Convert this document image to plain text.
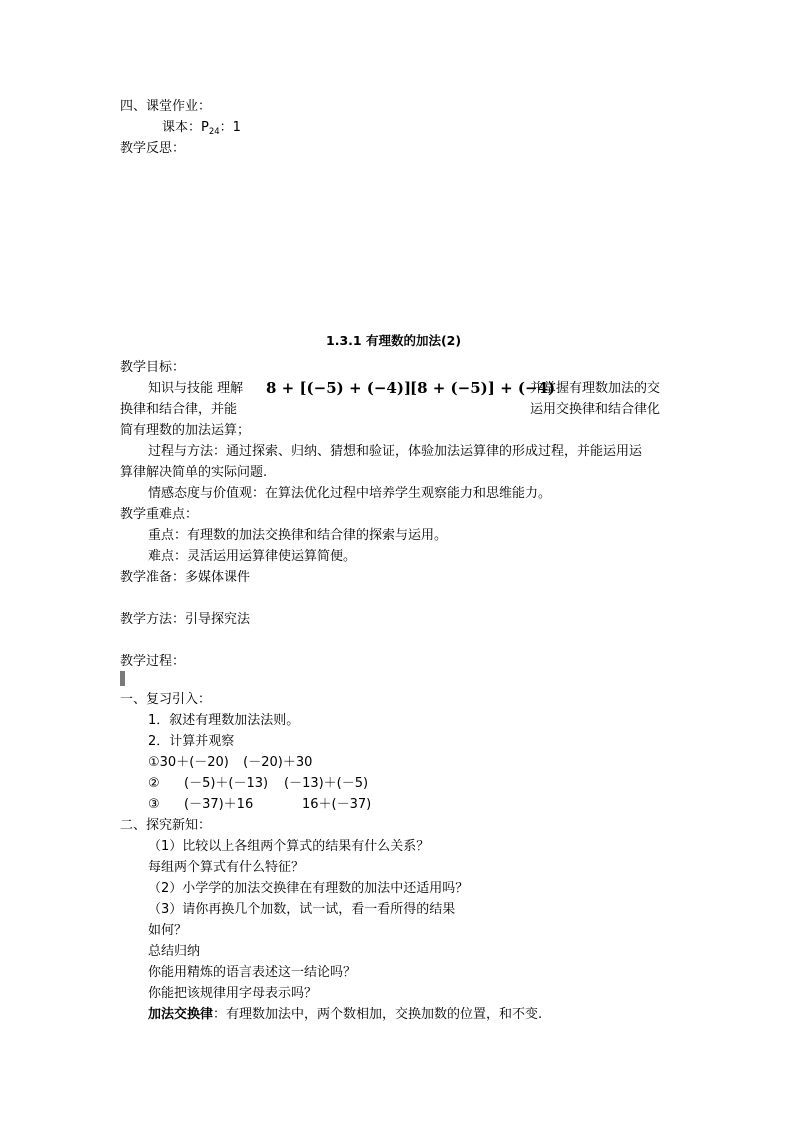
四、课堂作业：
课本：$P_{24}$：1
教学反思：
1.3.1 有理数的加法(2)
教学目标：
知识与技能 理解 8 + [(−5) + (−4)]
[8 + (−5)] + (−4)
并掌握有理数加法的交
换律和结合律，并能	运用交换律和结合律化
简有理数的加法运算；
过程与方法：通过探索、归纳、猜想和验证，体验加法运算律的形成过程，并能运用运
算律解决简单的实际问题.
情感态度与价值观：在算法优化过程中培养学生观察能力和思维能力。
教学重难点：
重点：有理数的加法交换律和结合律的探索与运用。
难点：灵活运用运算律使运算简便。
教学准备：多媒体课件
教学方法：引导探究法
教学过程：
一、复习引入：
1．叙述有理数加法法则。
2．计算并观察
①30＋(－20) (－20)＋30
② (－5)＋(－13) (－13)＋(－5)
③ (－37)＋16	16＋(－37)
二、探究新知：
（1）比较以上各组两个算式的结果有什么关系？
每组两个算式有什么特征？
（2）小学学的加法交换律在有理数的加法中还适用吗？
（3）请你再换几个加数，试一试，看一看所得的结果
如何？
总结归纳
你能用精炼的语言表述这一结论吗？
你能把该规律用字母表示吗？
加法交换律：有理数加法中，两个数相加，交换加数的位置，和不变.
